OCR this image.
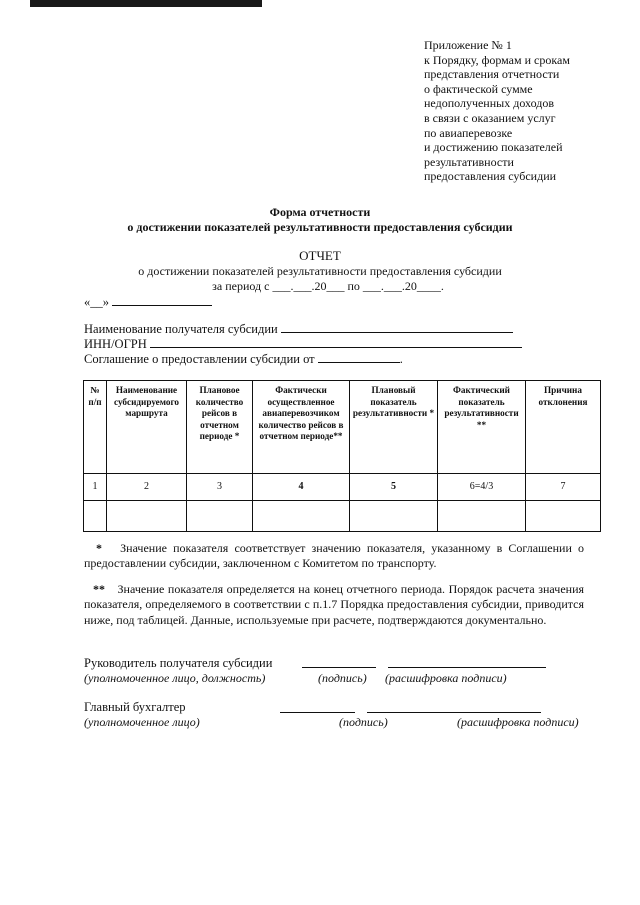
Приложение № 1
к Порядку, формам и срокам
представления отчетности
о фактической сумме
недополученных доходов
в связи с оказанием услуг
по авиаперевозке
и достижению показателей
результативности
предоставления субсидии
Форма отчетности
о достижении показателей результативности предоставления субсидии
ОТЧЕТ
о достижении показателей результативности предоставления субсидии
за период с ___.___.20___ по ___.___.20____.
«__»
Наименование получателя субсидии
ИНН/ОГРН
Соглашение о предоставлении субсидии от	.
№ п/п	Наименование субсидируемого маршрута	Плановое количество рейсов в отчетном периоде *	Фактически осуществленное авиаперевозчиком количество рейсов в отчетном периоде**	Плановый показатель результативности *	Фактический показатель результативности **	Причина отклонения
1	2	3	4	5	6=4/3	7

* Значение показателя соответствует значению показателя, указанному в Соглашении о предоставлении субсидии, заключенном с Комитетом по транспорту.
** Значение показателя определяется на конец отчетного периода. Порядок расчета значения показателя, определяемого в соответствии с п.1.7 Порядка предоставления субсидии, приводится ниже, под таблицей. Данные, используемые при расчете, подтверждаются документально.
Руководитель получателя субсидии
(уполномоченное лицо, должность)	(подпись) (расшифровка подписи)
Главный бухгалтер
(уполномоченное лицо)	(подпись)	(расшифровка подписи)
